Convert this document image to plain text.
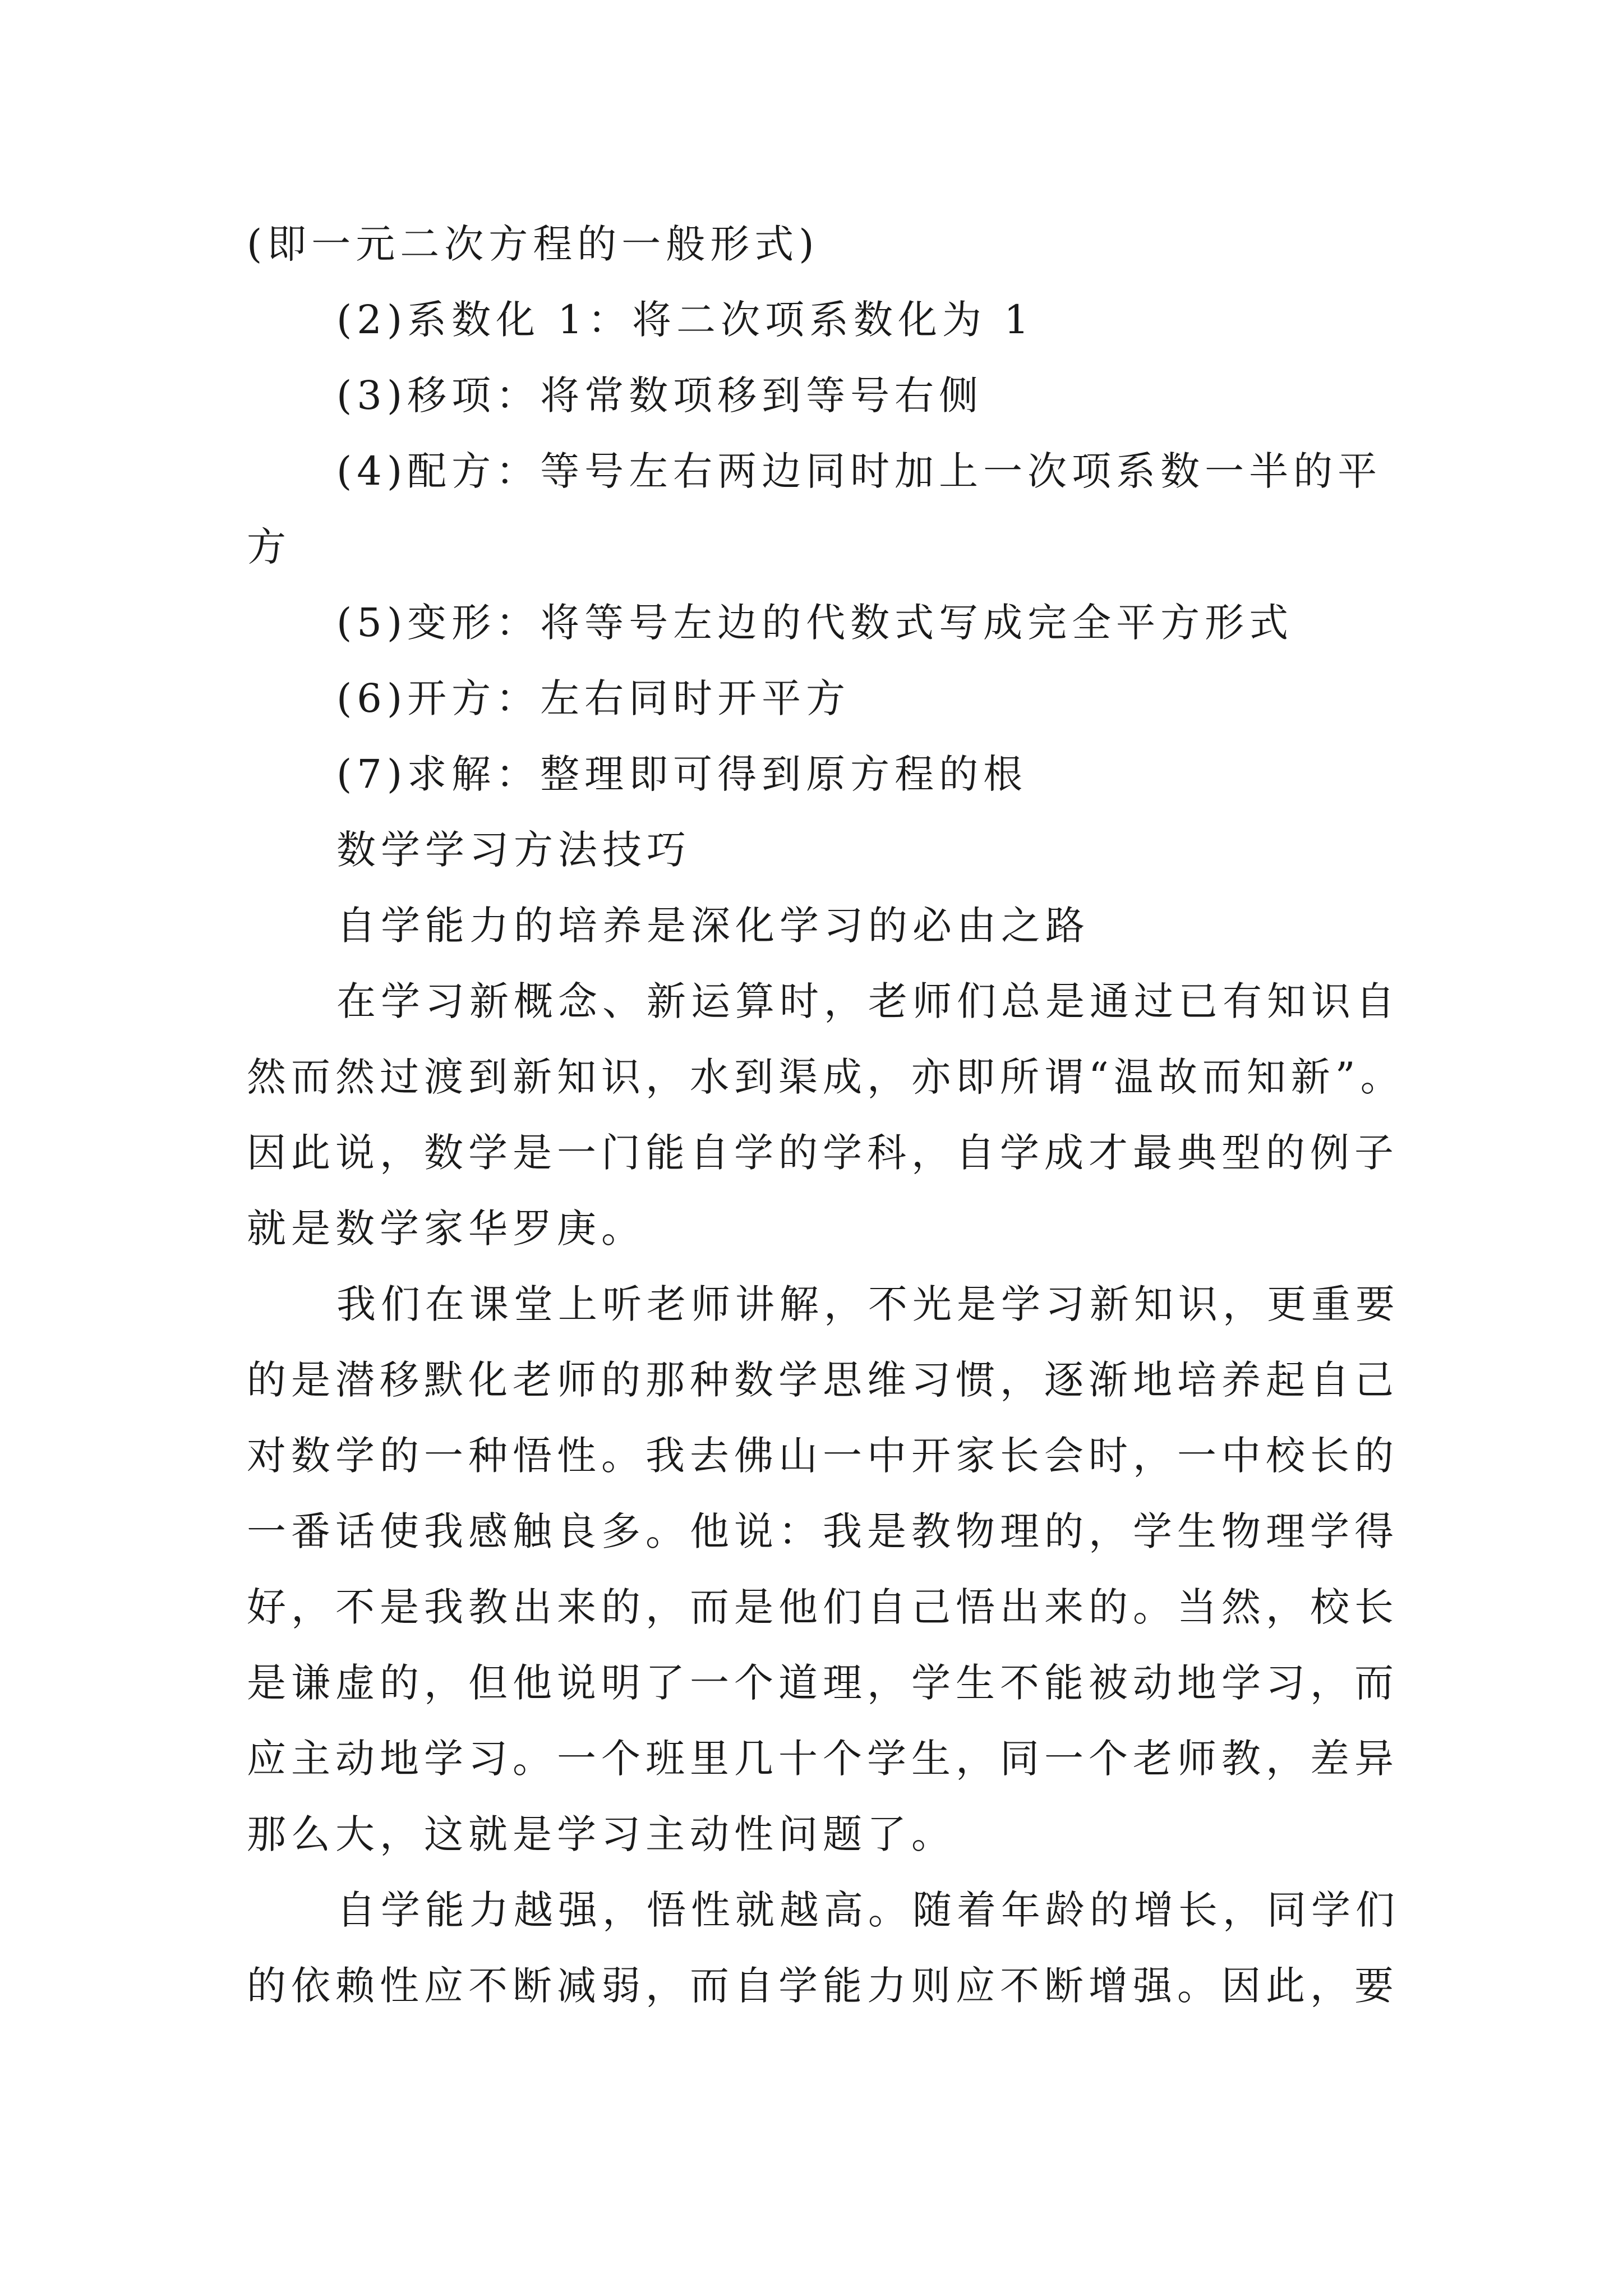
(即一元二次方程的一般形式)
(2)系数化 1：将二次项系数化为 1
(3)移项：将常数项移到等号右侧
(4)配方：等号左右两边同时加上一次项系数一半的平
方
(5)变形：将等号左边的代数式写成完全平方形式
(6)开方：左右同时开平方
(7)求解：整理即可得到原方程的根
数学学习方法技巧
自学能力的培养是深化学习的必由之路
在学习新概念、新运算时，老师们总是通过已有知识自
然而然过渡到新知识，水到渠成，亦即所谓“温故而知新”。
因此说，数学是一门能自学的学科，自学成才最典型的例子
就是数学家华罗庚。
我们在课堂上听老师讲解，不光是学习新知识，更重要
的是潜移默化老师的那种数学思维习惯，逐渐地培养起自己
对数学的一种悟性。我去佛山一中开家长会时，一中校长的
一番话使我感触良多。他说：我是教物理的，学生物理学得
好，不是我教出来的，而是他们自己悟出来的。当然，校长
是谦虚的，但他说明了一个道理，学生不能被动地学习，而
应主动地学习。一个班里几十个学生，同一个老师教，差异
那么大，这就是学习主动性问题了。
自学能力越强，悟性就越高。随着年龄的增长，同学们
的依赖性应不断减弱，而自学能力则应不断增强。因此，要
